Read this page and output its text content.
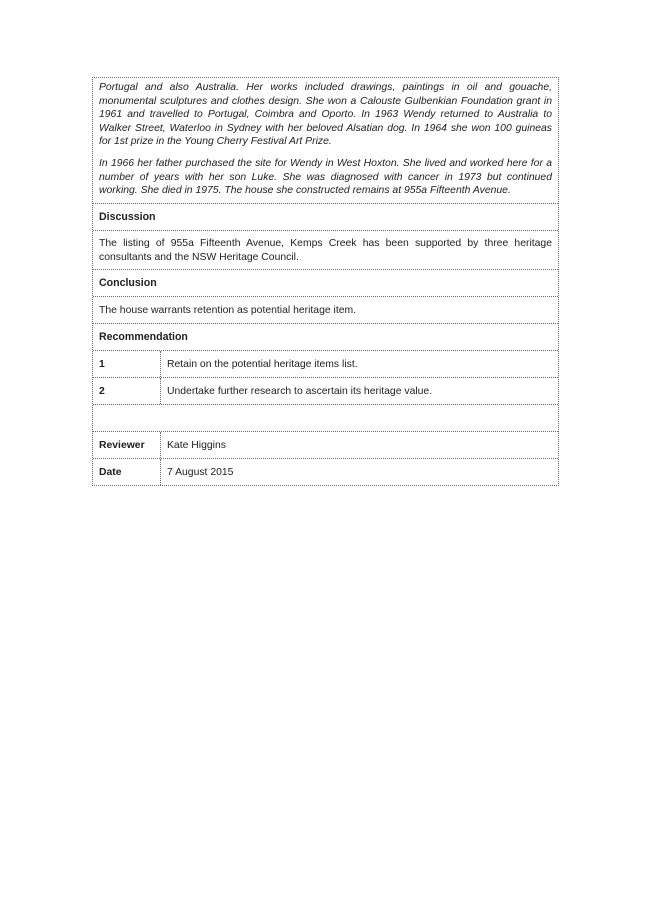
Portugal and also Australia. Her works included drawings, paintings in oil and gouache, monumental sculptures and clothes design. She won a Calouste Gulbenkian Foundation grant in 1961 and travelled to Portugal, Coimbra and Oporto. In 1963 Wendy returned to Australia to Walker Street, Waterloo in Sydney with her beloved Alsatian dog. In 1964 she won 100 guineas for 1st prize in the Young Cherry Festival Art Prize.

In 1966 her father purchased the site for Wendy in West Hoxton. She lived and worked here for a number of years with her son Luke. She was diagnosed with cancer in 1973 but continued working. She died in 1975. The house she constructed remains at 955a Fifteenth Avenue.

Discussion

The listing of 955a Fifteenth Avenue, Kemps Creek has been supported by three heritage consultants and the NSW Heritage Council.

Conclusion
The house warrants retention as potential heritage item.
Recommendation
1	Retain on the potential heritage items list.
2	Undertake further research to ascertain its heritage value.
Reviewer	Kate Higgins
Date	7 August 2015
